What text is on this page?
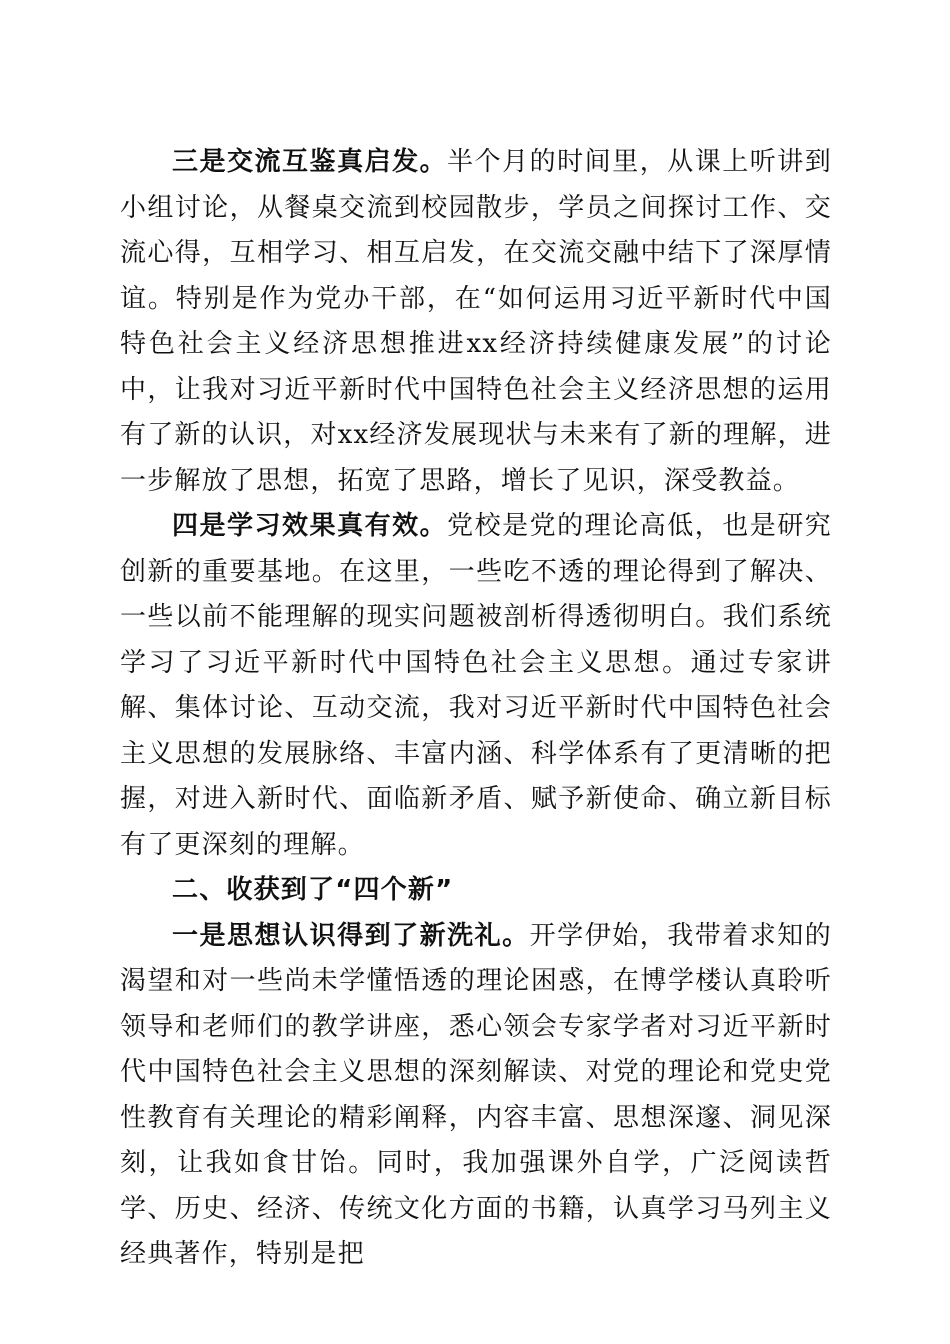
三是交流互鉴真启发。半个月的时间里，从课上听讲到小组讨论，从餐桌交流到校园散步，学员之间探讨工作、交流心得，互相学习、相互启发，在交流交融中结下了深厚情谊。特别是作为党办干部，在“如何运用习近平新时代中国特色社会主义经济思想推进xx经济持续健康发展”的讨论中，让我对习近平新时代中国特色社会主义经济思想的运用有了新的认识，对xx经济发展现状与未来有了新的理解，进一步解放了思想，拓宽了思路，增长了见识，深受教益。

四是学习效果真有效。党校是党的理论高低，也是研究创新的重要基地。在这里，一些吃不透的理论得到了解决、一些以前不能理解的现实问题被剖析得透彻明白。我们系统学习了习近平新时代中国特色社会主义思想。通过专家讲解、集体讨论、互动交流，我对习近平新时代中国特色社会主义思想的发展脉络、丰富内涵、科学体系有了更清晰的把握，对进入新时代、面临新矛盾、赋予新使命、确立新目标有了更深刻的理解。

二、收获到了“四个新”

一是思想认识得到了新洗礼。开学伊始，我带着求知的渴望和对一些尚未学懂悟透的理论困惑，在博学楼认真聆听领导和老师们的教学讲座，悉心领会专家学者对习近平新时代中国特色社会主义思想的深刻解读、对党的理论和党史党性教育有关理论的精彩阐释，内容丰富、思想深邃、洞见深刻，让我如食甘饴。同时，我加强课外自学，广泛阅读哲学、历史、经济、传统文化方面的书籍，认真学习马列主义经典著作，特别是把
